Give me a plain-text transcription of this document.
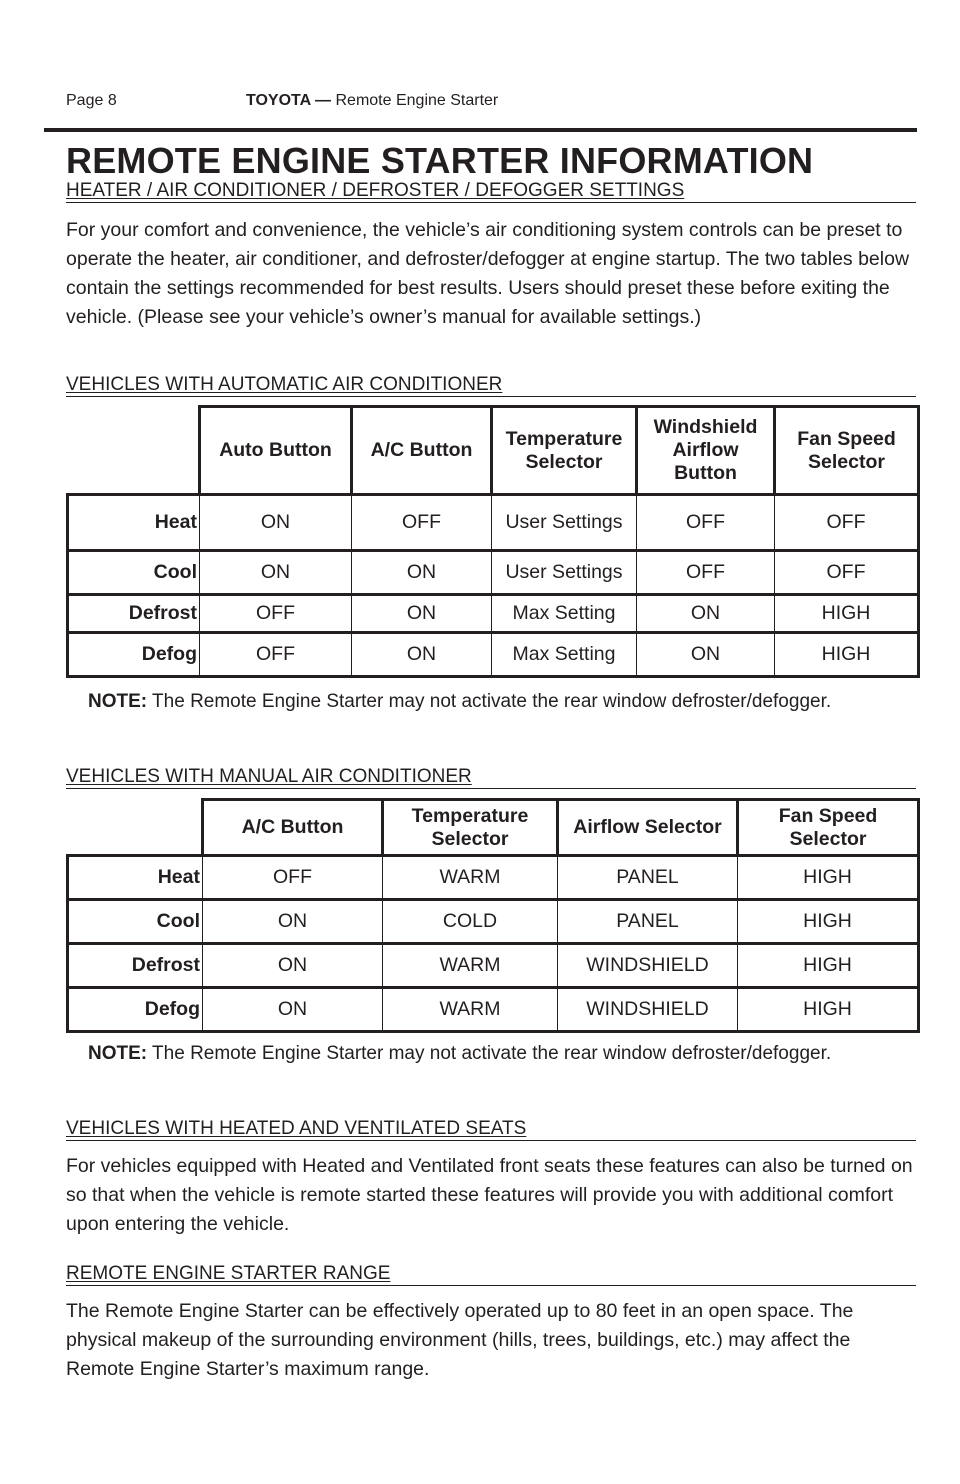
Page 8	TOYOTA — Remote Engine Starter
REMOTE ENGINE STARTER INFORMATION
HEATER / AIR CONDITIONER / DEFROSTER / DEFOGGER SETTINGS

For your comfort and convenience, the vehicle’s air conditioning system controls can be preset to operate the heater, air conditioner, and defroster/defogger at engine startup. The two tables below contain the settings recommended for best results. Users should preset these before exiting the vehicle. (Please see your vehicle’s owner’s manual for available settings.)

VEHICLES WITH AUTOMATIC AIR CONDITIONER
	Auto Button	A/C Button	Temperature Selector	Windshield Airflow Button	Fan Speed Selector
Heat	ON	OFF	User Settings	OFF	OFF
Cool	ON	ON	User Settings	OFF	OFF
Defrost	OFF	ON	Max Setting	ON	HIGH
Defog	OFF	ON	Max Setting	ON	HIGH

NOTE: The Remote Engine Starter may not activate the rear window defroster/defogger.

VEHICLES WITH MANUAL AIR CONDITIONER
	A/C Button	Temperature Selector	Airflow Selector	Fan Speed Selector
Heat	OFF	WARM	PANEL	HIGH
Cool	ON	COLD	PANEL	HIGH
Defrost	ON	WARM	WINDSHIELD	HIGH
Defog	ON	WARM	WINDSHIELD	HIGH

NOTE: The Remote Engine Starter may not activate the rear window defroster/defogger.

VEHICLES WITH HEATED AND VENTILATED SEATS

For vehicles equipped with Heated and Ventilated front seats these features can also be turned on so that when the vehicle is remote started these features will provide you with additional comfort upon entering the vehicle.

REMOTE ENGINE STARTER RANGE

The Remote Engine Starter can be effectively operated up to 80 feet in an open space. The physical makeup of the surrounding environment (hills, trees, buildings, etc.) may affect the Remote Engine Starter’s maximum range.
